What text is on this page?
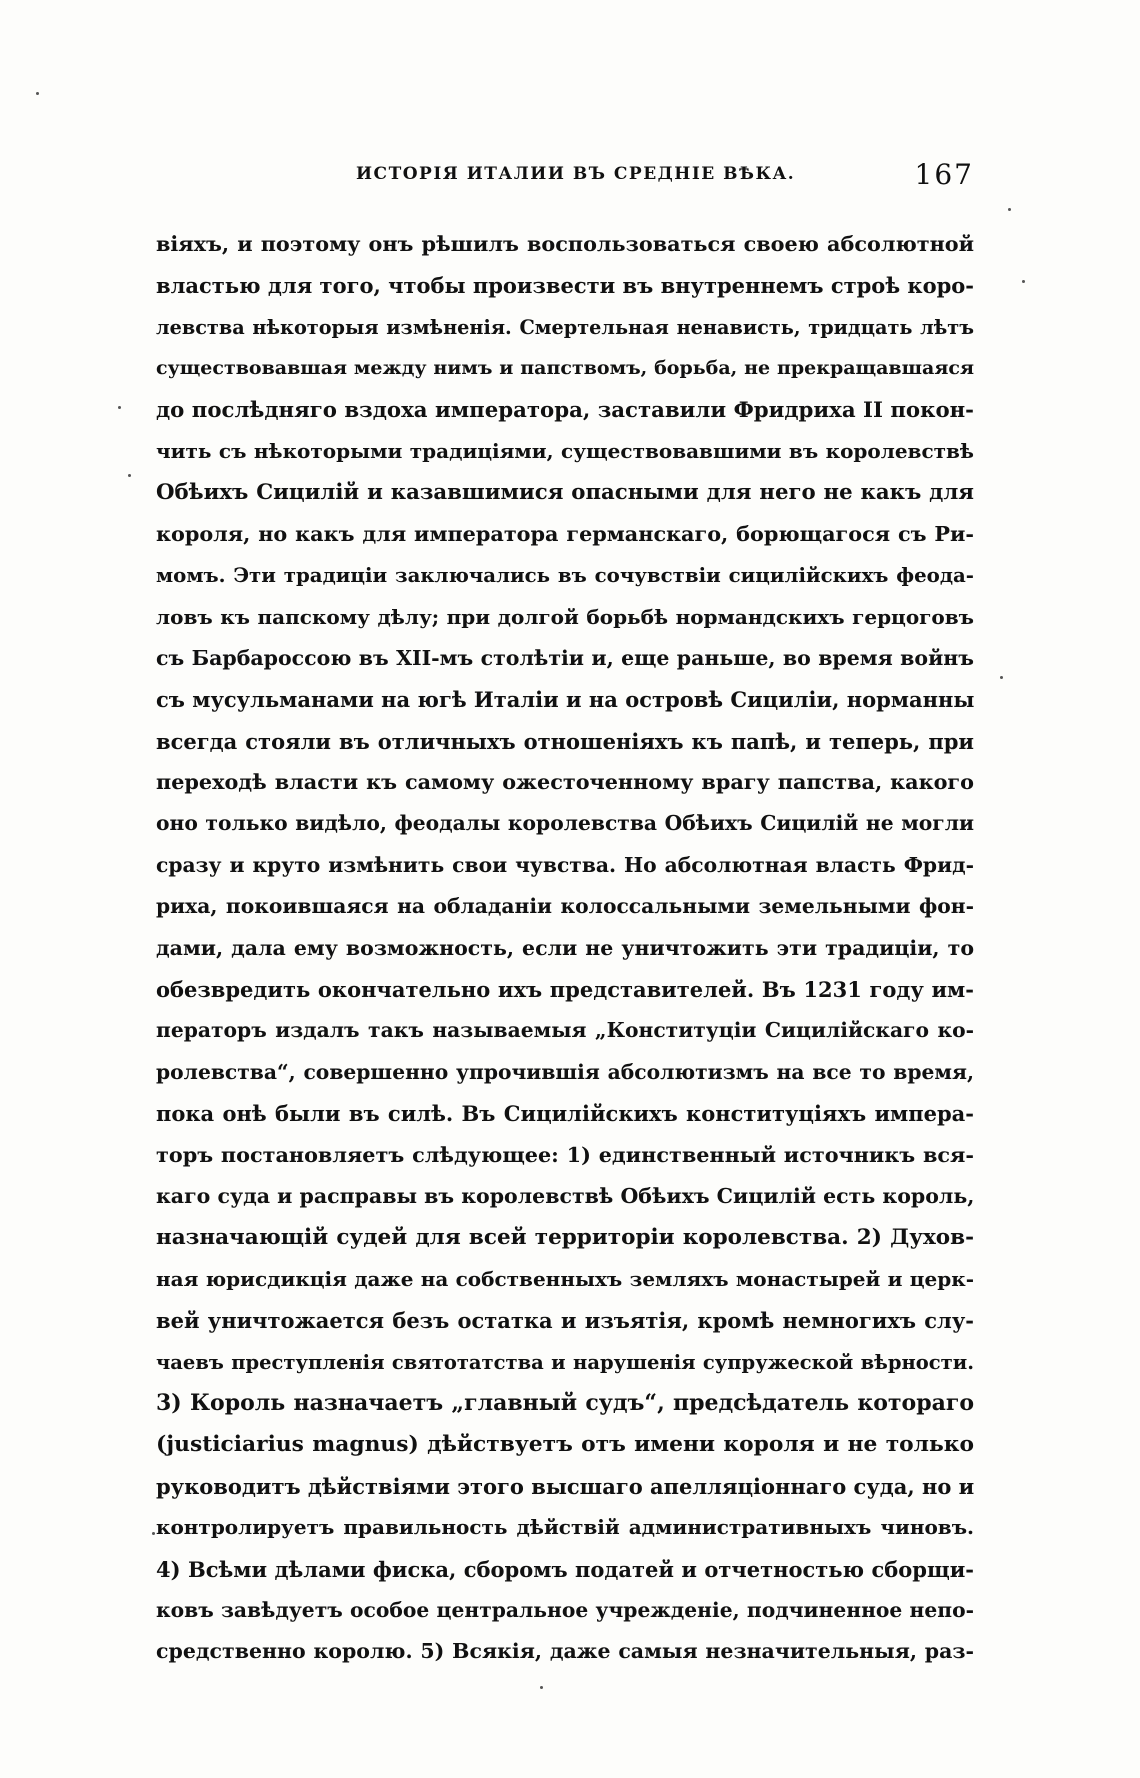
ИСТОРІЯ ИТАЛИИ ВЪ СРЕДНІЕ ВѢКА.	167
віяхъ, и поэтому онъ рѣшилъ воспользоваться своею абсолютной
властью для того, чтобы произвести въ внутреннемъ строѣ коро-
левства нѣкоторыя измѣненія. Смертельная ненависть, тридцать лѣтъ
существовавшая между нимъ и папствомъ, борьба, не прекращавшаяся
до послѣдняго вздоха императора, заставили Фридриха II покон-
чить съ нѣкоторыми традиціями, существовавшими въ королевствѣ
Обѣихъ Сицилій и казавшимися опасными для него не какъ для
короля, но какъ для императора германскаго, борющагося съ Ри-
момъ. Эти традиціи заключались въ сочувствіи сицилійскихъ феода-
ловъ къ папскому дѣлу; при долгой борьбѣ нормандскихъ герцоговъ
съ Барбароссою въ XII-мъ столѣтіи и, еще раньше, во время войнъ
съ мусульманами на югѣ Италіи и на островѣ Сициліи, норманны
всегда стояли въ отличныхъ отношеніяхъ къ папѣ, и теперь, при
переходѣ власти къ самому ожесточенному врагу папства, какого
оно только видѣло, феодалы королевства Обѣихъ Сицилій не могли
сразу и круто измѣнить свои чувства. Но абсолютная власть Фрид-
риха, покоившаяся на обладаніи колоссальными земельными фон-
дами, дала ему возможность, если не уничтожить эти традиціи, то
обезвредить окончательно ихъ представителей. Въ 1231 году им-
ператоръ издалъ такъ называемыя „Конституціи Сицилійскаго ко-
ролевства“, совершенно упрочившія абсолютизмъ на все то время,
пока онѣ были въ силѣ. Въ Сицилійскихъ конституціяхъ импера-
торъ постановляетъ слѣдующее: 1) единственный источникъ вся-
каго суда и расправы въ королевствѣ Обѣихъ Сицилій есть король,
назначающій судей для всей территоріи королевства. 2) Духов-
ная юрисдикція даже на собственныхъ земляхъ монастырей и церк-
вей уничтожается безъ остатка и изъятія, кромѣ немногихъ слу-
чаевъ преступленія святотатства и нарушенія супружеской вѣрности.
3) Король назначаетъ „главный судъ“, предсѣдатель котораго
(justiciarius magnus) дѣйствуетъ отъ имени короля и не только
руководитъ дѣйствіями этого высшаго апелляціоннаго суда, но и
контролируетъ правильность дѣйствій административныхъ чиновъ.
4) Всѣми дѣлами фиска, сборомъ податей и отчетностью сборщи-
ковъ завѣдуетъ особое центральное учрежденіе, подчиненное непо-
средственно королю. 5) Всякія, даже самыя незначительныя, раз-
